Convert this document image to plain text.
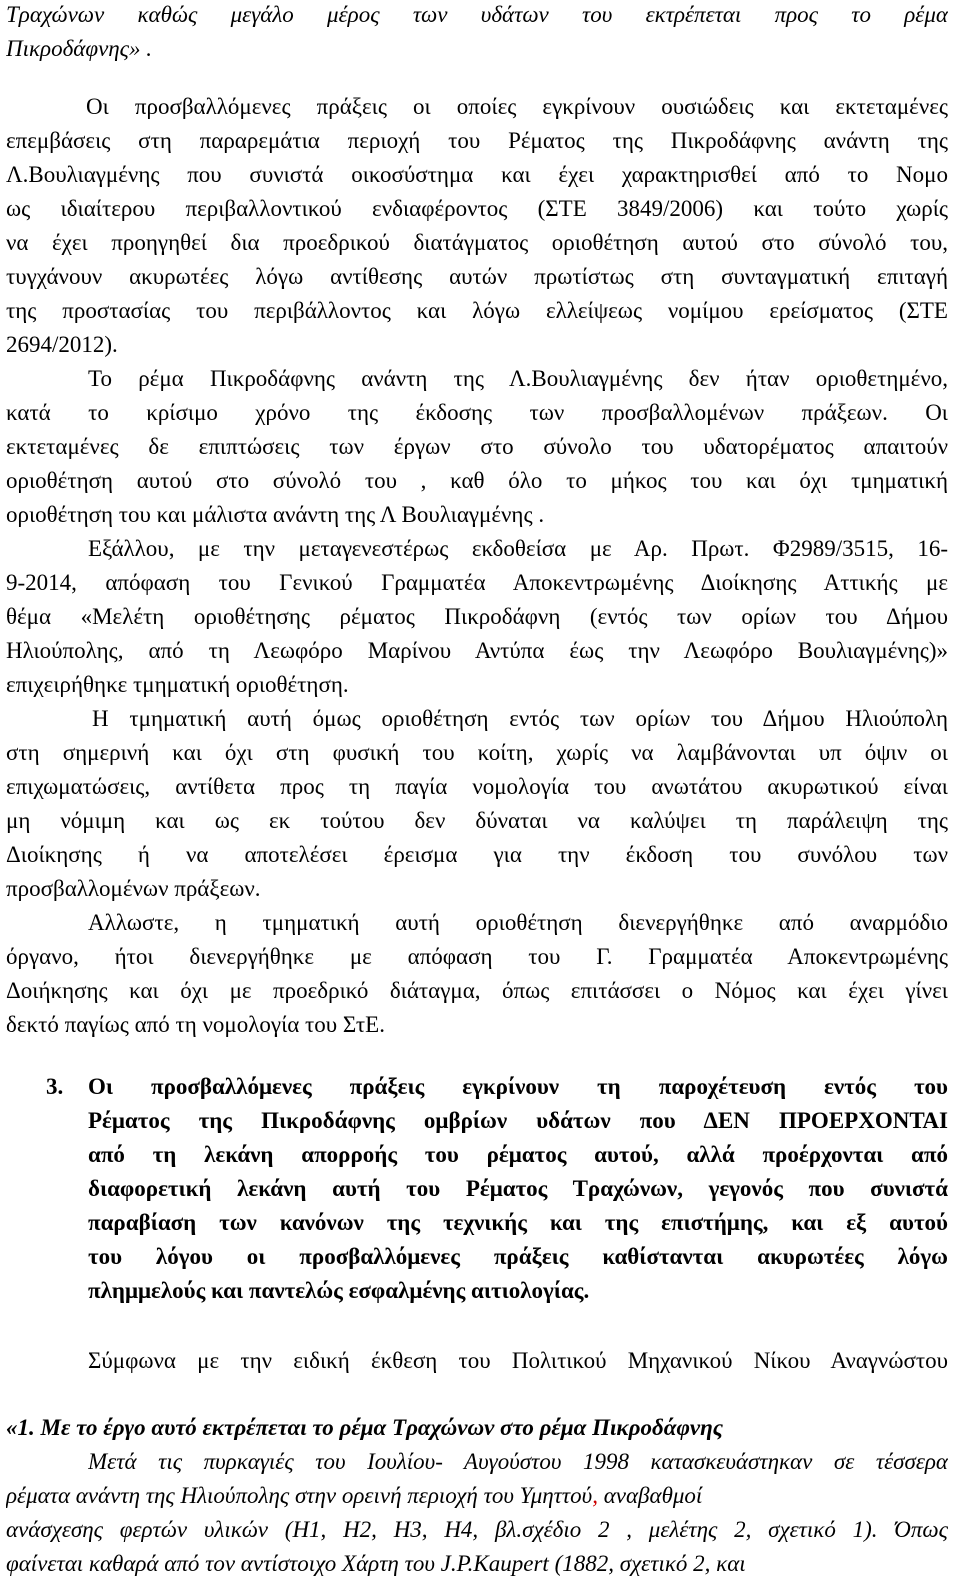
Τραχώνων καθώς μεγάλο μέρος των υδάτων του εκτρέπεται προς το ρέμα
Πικροδάφνης» .
Οι προσβαλλόμενες πράξεις οι οποίες εγκρίνουν ουσιώδεις και εκτεταμένες
επεμβάσεις στη παραρεμάτια περιοχή του Ρέματος της Πικροδάφνης ανάντη της
Λ.Βουλιαγμένης που συνιστά οικοσύστημα και έχει χαρακτηρισθεί από το Νομο
ως ιδιαίτερου περιβαλλοντικού ενδιαφέροντος (ΣΤΕ 3849/2006) και τούτο χωρίς
να έχει προηγηθεί δια προεδρικού διατάγματος οριοθέτηση αυτού στο σύνολό του,
τυγχάνουν ακυρωτέες λόγω αντίθεσης αυτών πρωτίστως στη συνταγματική επιταγή
της προστασίας του περιβάλλοντος και λόγω ελλείψεως νομίμου ερείσματος (ΣΤΕ
2694/2012).
Το ρέμα Πικροδάφνης ανάντη της Λ.Βουλιαγμένης δεν ήταν οριοθετημένο,
κατά το κρίσιμο χρόνο της έκδοσης των προσβαλλομένων πράξεων. Οι
εκτεταμένες δε επιπτώσεις των έργων στο σύνολο του υδατορέματος απαιτούν
οριοθέτηση αυτού στο σύνολό του , καθ όλο το μήκος του και όχι τμηματική
οριοθέτηση του και μάλιστα ανάντη της Λ Βουλιαγμένης .
Εξάλλου, με την μεταγενεστέρως εκδοθείσα με Αρ. Πρωτ. Φ2989/3515, 16-
9-2014, απόφαση του Γενικού Γραμματέα Αποκεντρωμένης Διοίκησης Αττικής με
θέμα «Μελέτη οριοθέτησης ρέματος Πικροδάφνη (εντός των ορίων του Δήμου
Ηλιούπολης, από τη Λεωφόρο Μαρίνου Αντύπα έως την Λεωφόρο Βουλιαγμένης)»
επιχειρήθηκε τμηματική οριοθέτηση.
Η τμηματική αυτή όμως οριοθέτηση εντός των ορίων του Δήμου Ηλιούπολη
στη σημερινή και όχι στη φυσική του κοίτη, χωρίς να λαμβάνονται υπ όψιν οι
επιχωματώσεις, αντίθετα προς τη παγία νομολογία του ανωτάτου ακυρωτικού είναι
μη νόμιμη και ως εκ τούτου δεν δύναται να καλύψει τη παράλειψη της
Διοίκησης ή να αποτελέσει έρεισμα για την έκδοση του συνόλου των
προσβαλλομένων πράξεων.
Αλλωστε, η τμηματική αυτή οριοθέτηση διενεργήθηκε από αναρμόδιο
όργανο, ήτοι διενεργήθηκε με απόφαση του Γ. Γραμματέα Αποκεντρωμένης
Δοιήκησης και όχι με προεδρικό διάταγμα, όπως επιτάσσει ο Νόμος και έχει γίνει
δεκτό παγίως από τη νομολογία του ΣτΕ.
3.	Οι προσβαλλόμενες πράξεις εγκρίνουν τη παροχέτευση εντός του
Ρέματος της Πικροδάφνης ομβρίων υδάτων που ΔΕΝ ΠΡΟΕΡΧΟΝΤΑΙ
από τη λεκάνη απορροής του ρέματος αυτού, αλλά προέρχονται από
διαφορετική λεκάνη αυτή του Ρέματος Τραχώνων, γεγονός που συνιστά
παραβίαση των κανόνων της τεχνικής και της επιστήμης, και εξ αυτού
του λόγου οι προσβαλλόμενες πράξεις καθίστανται ακυρωτέες λόγω
πλημμελούς και παντελώς εσφαλμένης αιτιολογίας.
Σύμφωνα με την ειδική έκθεση του Πολιτικού Μηχανικού Νίκου Αναγνώστου
«1. Με το έργο αυτό εκτρέπεται το ρέμα Τραχώνων στο ρέμα Πικροδάφνης
Μετά τις πυρκαγιές του Ιουλίου- Αυγούστου 1998 κατασκευάστηκαν σε τέσσερα
ρέματα ανάντη της Ηλιούπολης στην ορεινή περιοχή του Υμηττού, αναβαθμοί
ανάσχεσης φερτών υλικών (Η1, Η2, Η3, Η4, βλ.σχέδιο 2 , μελέτης 2, σχετικό 1). Όπως
φαίνεται καθαρά από τον αντίστοιχο Χάρτη του J.P.Kaupert (1882, σχετικό 2, και
